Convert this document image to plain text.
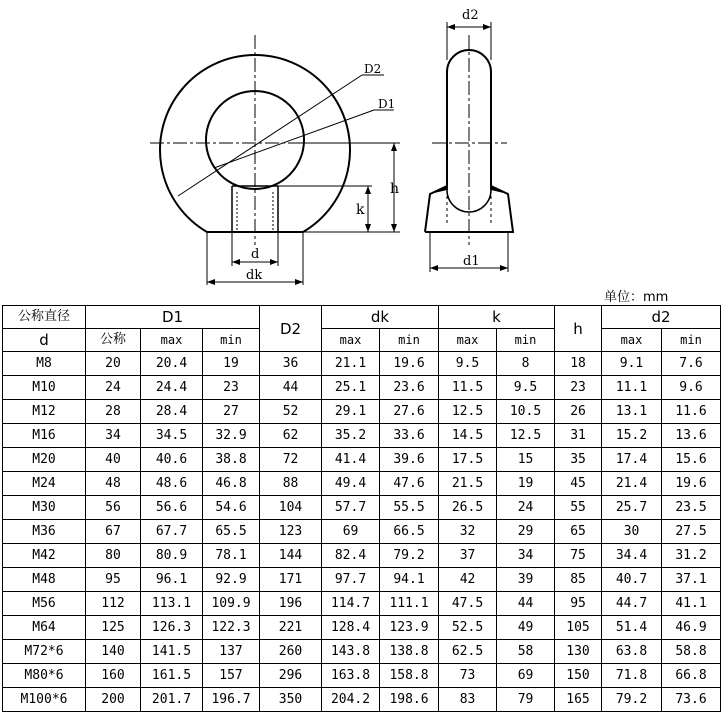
D2
D1
h
k
d
dk
d2
d1
单位：mm
公称直径	D1			D2	dk		k		h	d2	
d	公称	max	min		max	min	max	min		max	min
M8	20	20.4	19	36	21.1	19.6	9.5	8	18	9.1	7.6
M10	24	24.4	23	44	25.1	23.6	11.5	9.5	23	11.1	9.6
M12	28	28.4	27	52	29.1	27.6	12.5	10.5	26	13.1	11.6
M16	34	34.5	32.9	62	35.2	33.6	14.5	12.5	31	15.2	13.6
M20	40	40.6	38.8	72	41.4	39.6	17.5	15	35	17.4	15.6
M24	48	48.6	46.8	88	49.4	47.6	21.5	19	45	21.4	19.6
M30	56	56.6	54.6	104	57.7	55.5	26.5	24	55	25.7	23.5
M36	67	67.7	65.5	123	69	66.5	32	29	65	30	27.5
M42	80	80.9	78.1	144	82.4	79.2	37	34	75	34.4	31.2
M48	95	96.1	92.9	171	97.7	94.1	42	39	85	40.7	37.1
M56	112	113.1	109.9	196	114.7	111.1	47.5	44	95	44.7	41.1
M64	125	126.3	122.3	221	128.4	123.9	52.5	49	105	51.4	46.9
M72*6	140	141.5	137	260	143.8	138.8	62.5	58	130	63.8	58.8
M80*6	160	161.5	157	296	163.8	158.8	73	69	150	71.8	66.8
M100*6	200	201.7	196.7	350	204.2	198.6	83	79	165	79.2	73.6
